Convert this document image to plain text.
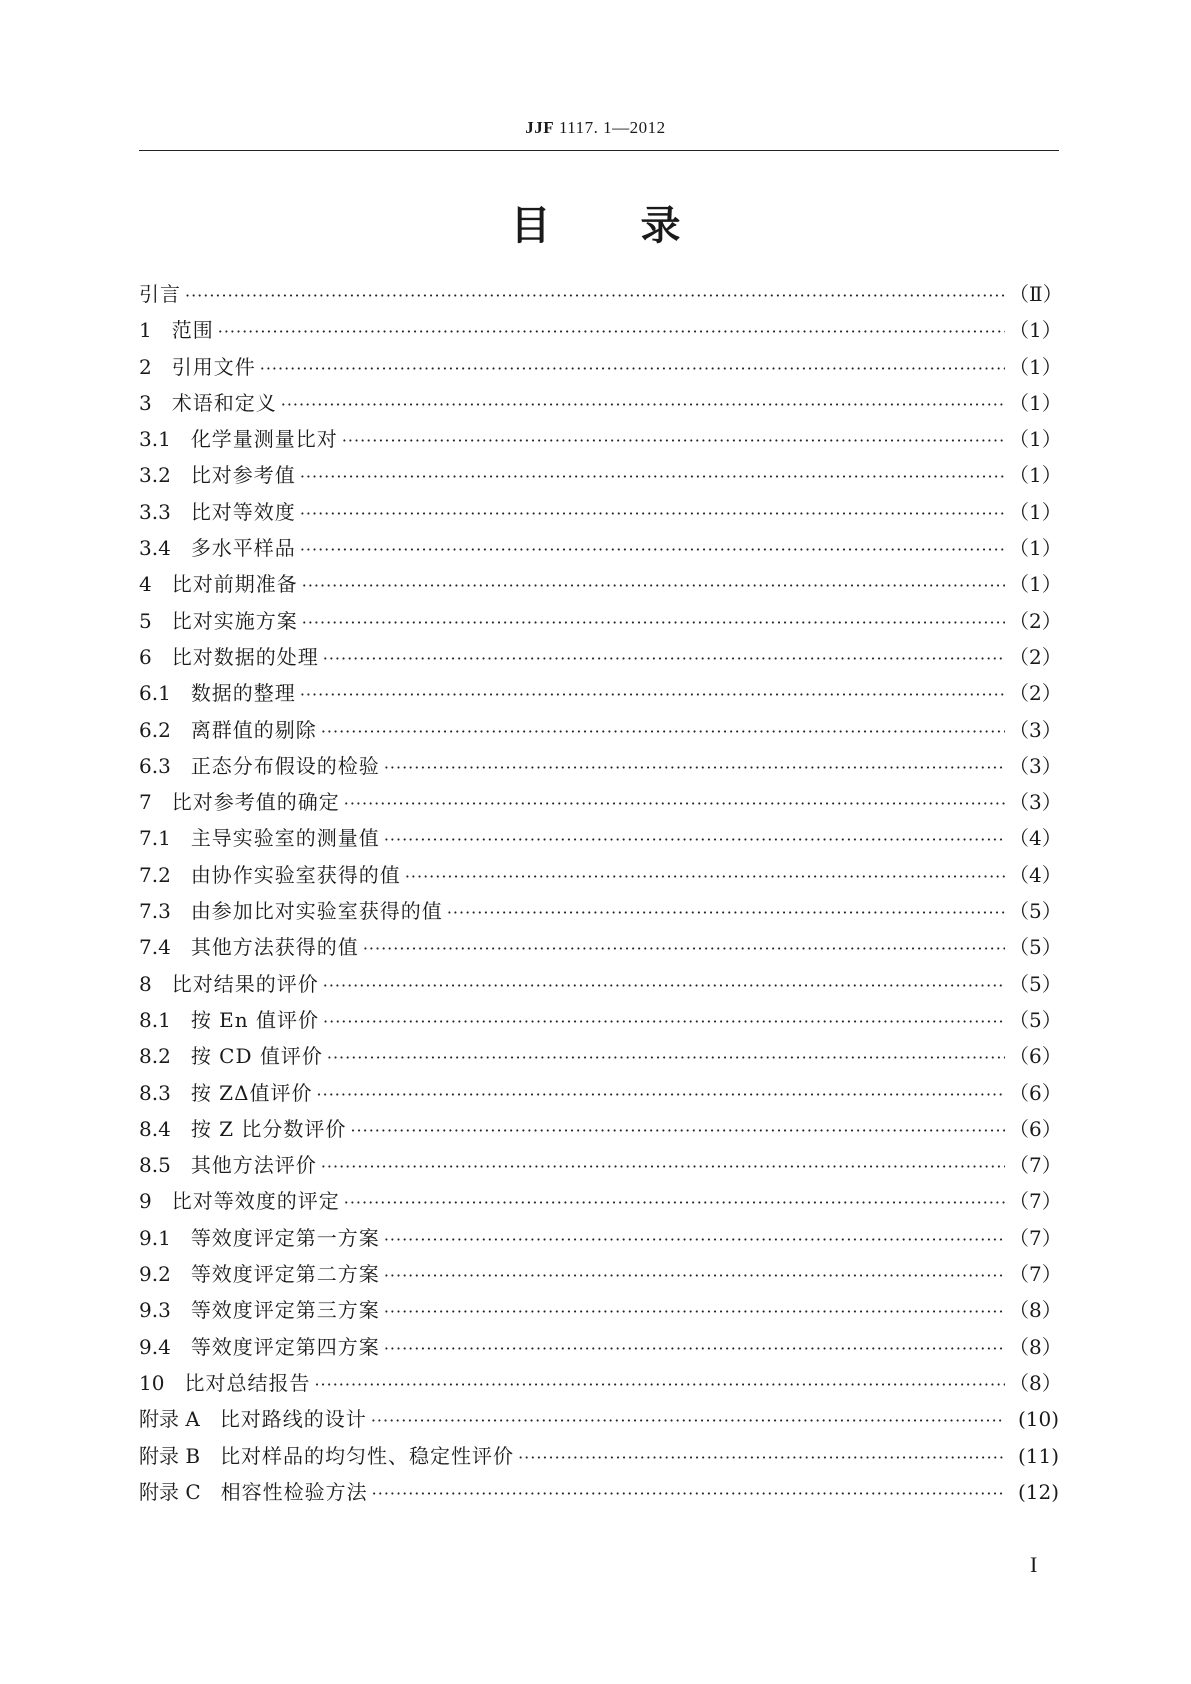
JJF 1117. 1—2012
目录
引言 ·····	（Ⅱ）
1　 范围 ·····	（1）
2　 引用文件 ·····	（1）
3　 术语和定义 ·····	（1）
3.1　 化学量测量比对 ·····	（1）
3.2　 比对参考值 ·····	（1）
3.3　 比对等效度 ·····	（1）
3.4　 多水平样品 ·····	（1）
4　 比对前期准备 ·····	（1）
5　 比对实施方案 ·····	（2）
6　 比对数据的处理 ·····	（2）
6.1　 数据的整理 ·····	（2）
6.2　 离群值的剔除 ·····	（3）
6.3　 正态分布假设的检验 ·····	（3）
7　 比对参考值的确定 ·····	（3）
7.1　 主导实验室的测量值 ·····	（4）
7.2　 由协作实验室获得的值 ·····	（4）
7.3　 由参加比对实验室获得的值 ·····	（5）
7.4　 其他方法获得的值 ·····	（5）
8　 比对结果的评价 ·····	（5）
8.1　 按 En 值评价 ·····	（5）
8.2　 按 CD 值评价 ·····	（6）
8.3　 按 ZΔ值评价 ·····	（6）
8.4　 按 Z 比分数评价 ·····	（6）
8.5　 其他方法评价 ·····	（7）
9　 比对等效度的评定 ·····	（7）
9.1　 等效度评定第一方案 ·····	（7）
9.2　 等效度评定第二方案 ·····	（7）
9.3　 等效度评定第三方案 ·····	（8）
9.4　 等效度评定第四方案 ·····	（8）
10　 比对总结报告 ·····	（8）
附录 A　 比对路线的设计 ·····	(10)
附录 B　 比对样品的均匀性、稳定性评价 ·····	(11)
附录 C　 相容性检验方法 ·····	(12)
I
